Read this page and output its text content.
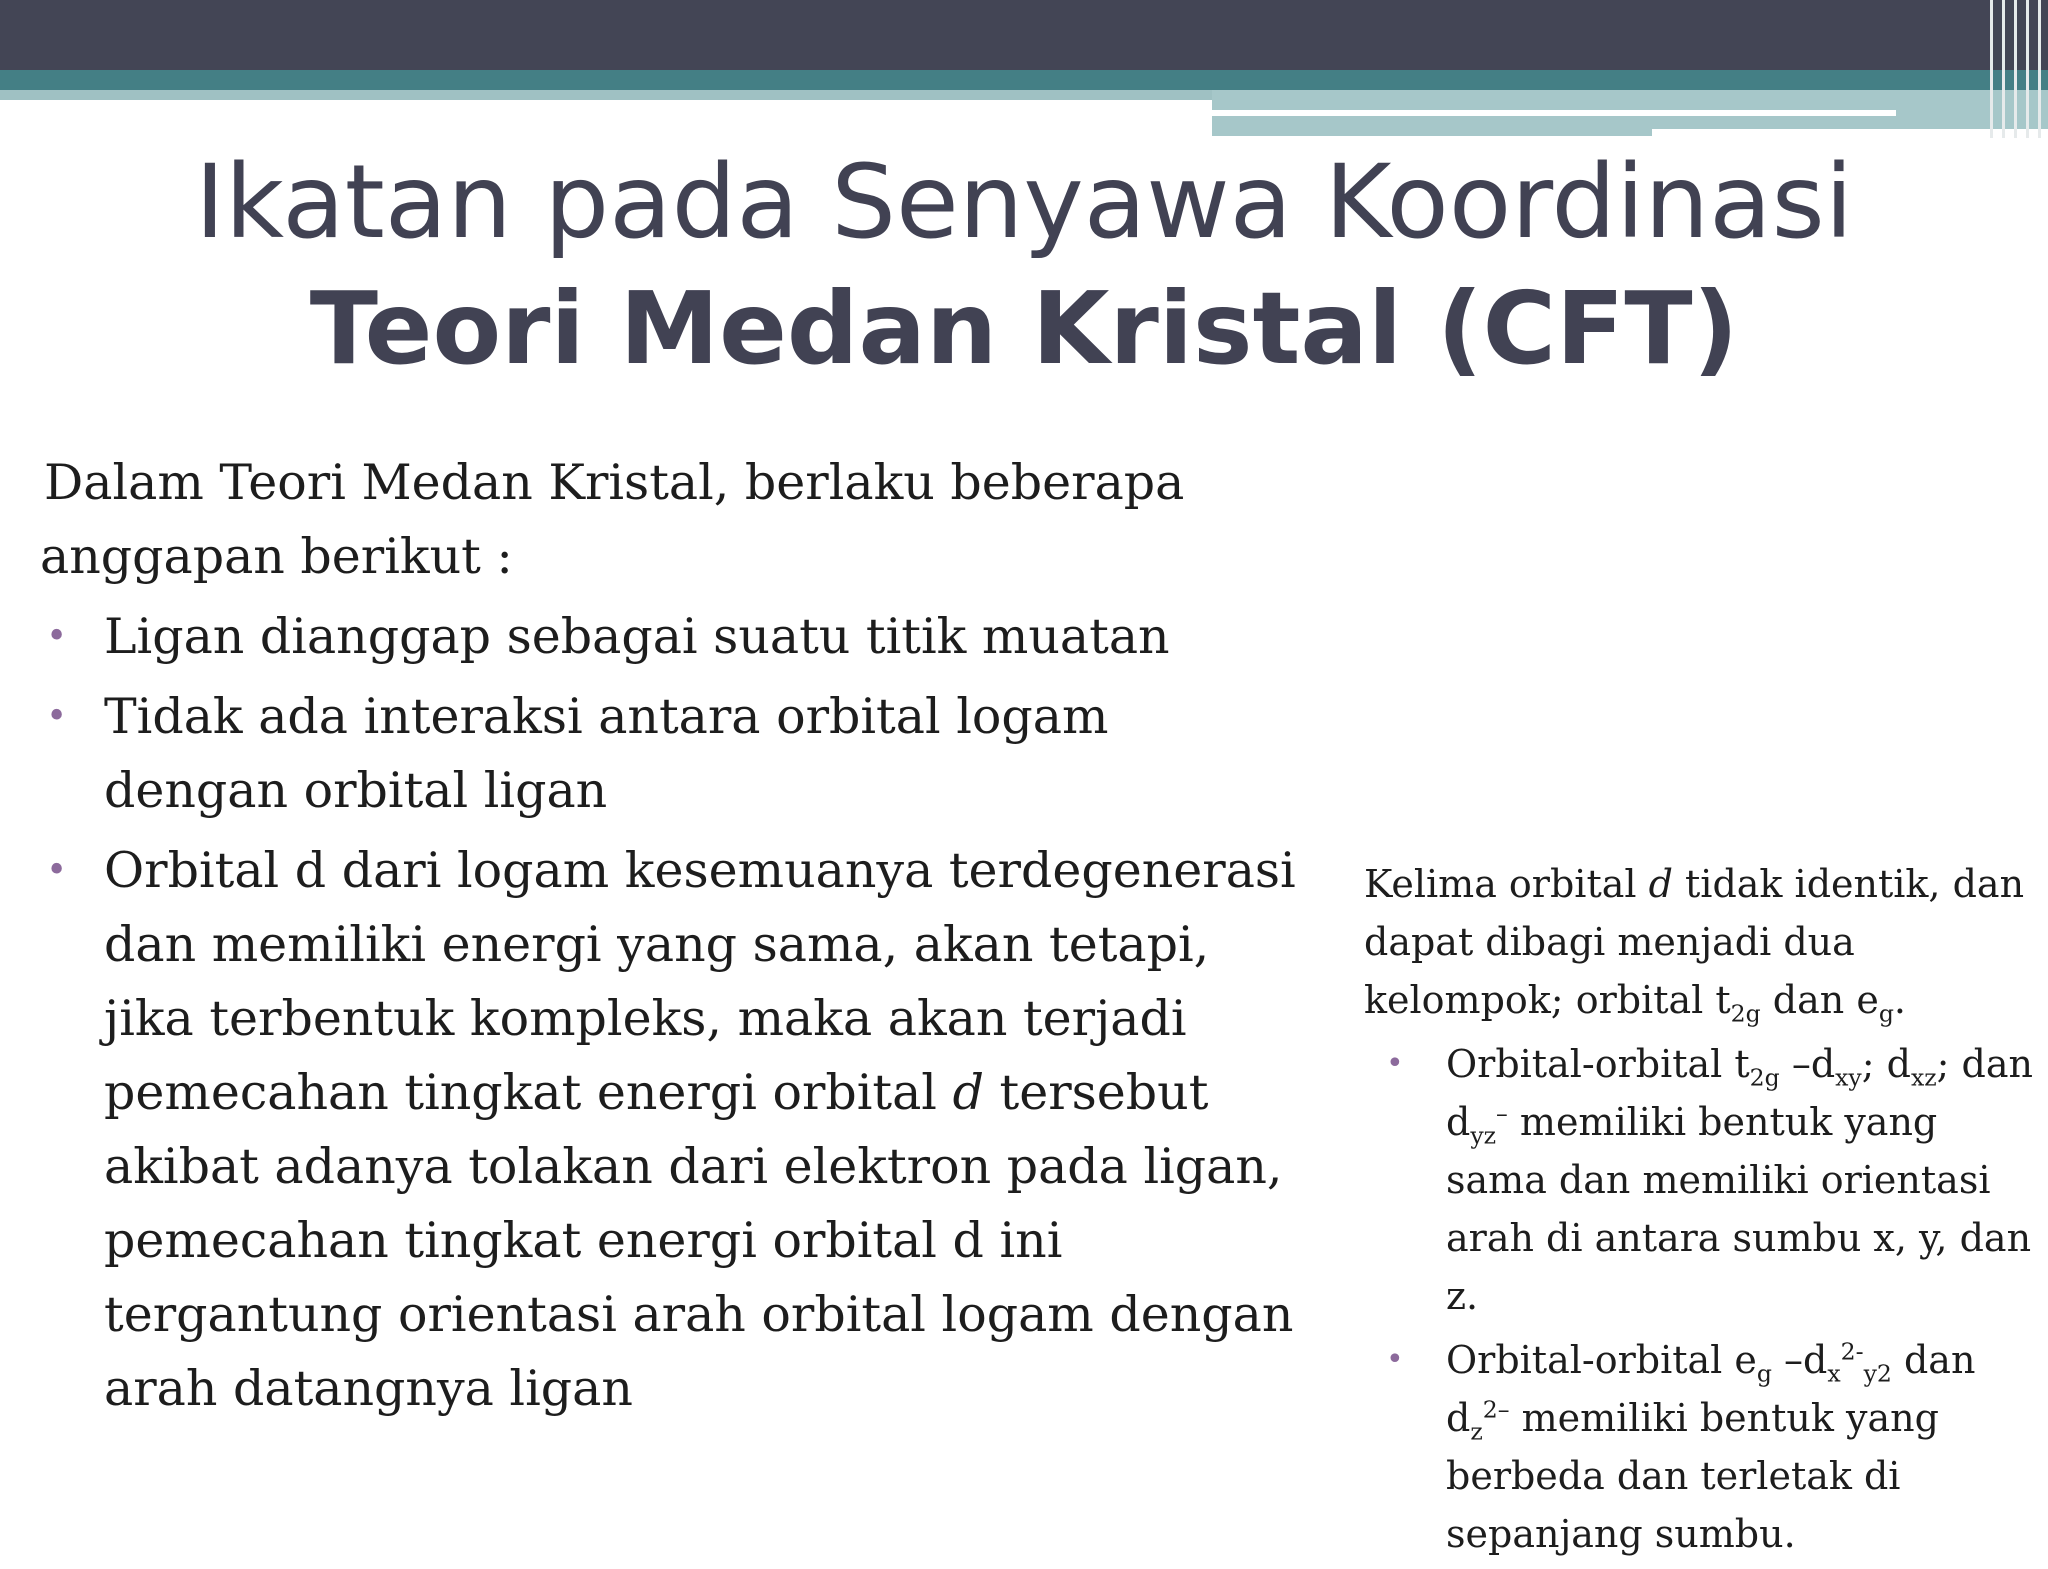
Ikatan pada Senyawa Koordinasi
Teori Medan Kristal (CFT)

Dalam Teori Medan Kristal, berlaku beberapa
anggapan berikut :

• Ligan dianggap sebagai suatu titik muatan
• Tidak ada interaksi antara orbital logam dengan orbital ligan
• Orbital d dari logam kesemuanya terdegenerasi dan memiliki energi yang sama, akan tetapi, jika terbentuk kompleks, maka akan terjadi pemecahan tingkat energi orbital d tersebut akibat adanya tolakan dari elektron pada ligan, pemecahan tingkat energi orbital d ini tergantung orientasi arah orbital logam dengan arah datangnya ligan

Kelima orbital d tidak identik, dan dapat dibagi menjadi dua kelompok; orbital $t_{2g}$ dan $e_g$.

• Orbital-orbital $t_{2g}$ $-d_{xy}$; $d_{xz}$; dan $d_{yz}^-$ memiliki bentuk yang sama dan memiliki orientasi arah di antara sumbu x, y, dan z.
• Orbital-orbital $e_g$ $-d_x^{2-}_{y2}$ dan $d_z^{2-}$ memiliki bentuk yang berbeda dan terletak di sepanjang sumbu.
